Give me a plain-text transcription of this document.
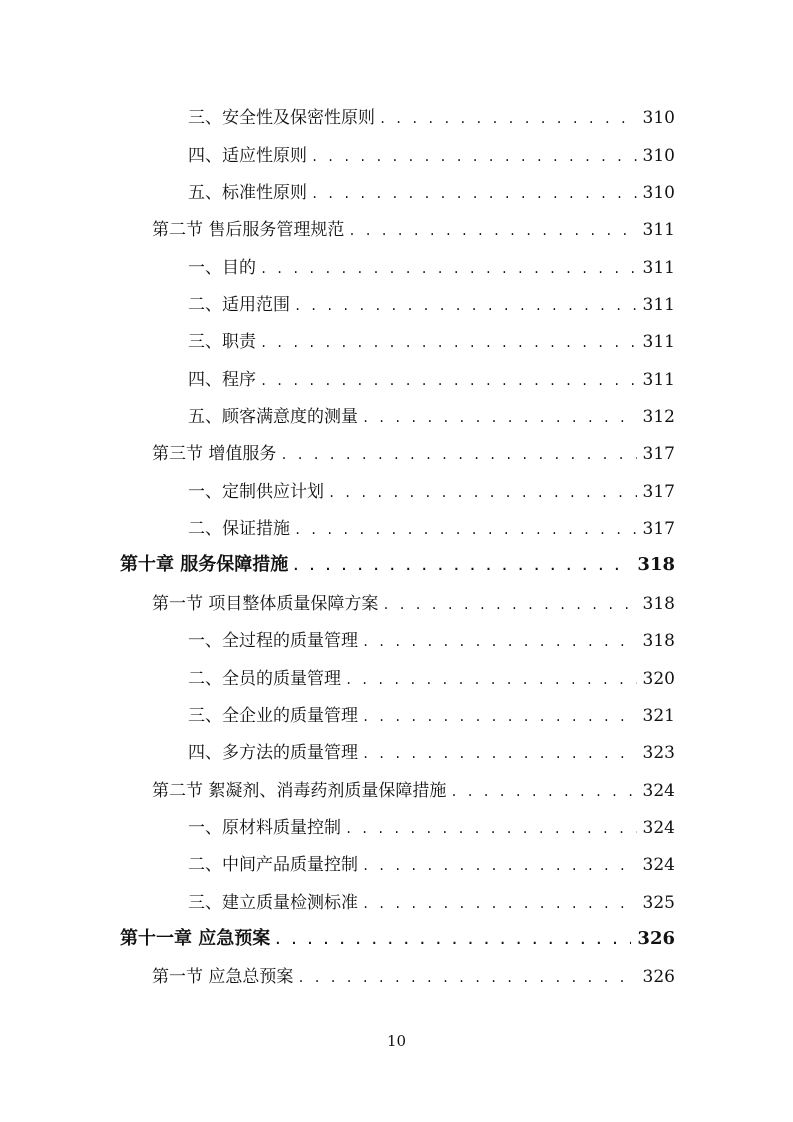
三、安全性及保密性原则 . . .	310
四、适应性原则 . . .	310
五、标准性原则 . . .	310
第二节 售后服务管理规范 . . .	311
一、目的 . . .	311
二、适用范围 . . .	311
三、职责 . . .	311
四、程序 . . .	311
五、顾客满意度的测量 . . .	312
第三节 增值服务 . . .	317
一、定制供应计划 . . .	317
二、保证措施 . . .	317
第十章 服务保障措施 . . .	318
第一节 项目整体质量保障方案 . . .	318
一、全过程的质量管理 . . .	318
二、全员的质量管理 . . .	320
三、全企业的质量管理 . . .	321
四、多方法的质量管理 . . .	323
第二节 絮凝剂、消毒药剂质量保障措施 . . .	324
一、原材料质量控制 . . .	324
二、中间产品质量控制 . . .	324
三、建立质量检测标准 . . .	325
第十一章 应急预案 . . .	326
第一节 应急总预案 . . .	326
10
